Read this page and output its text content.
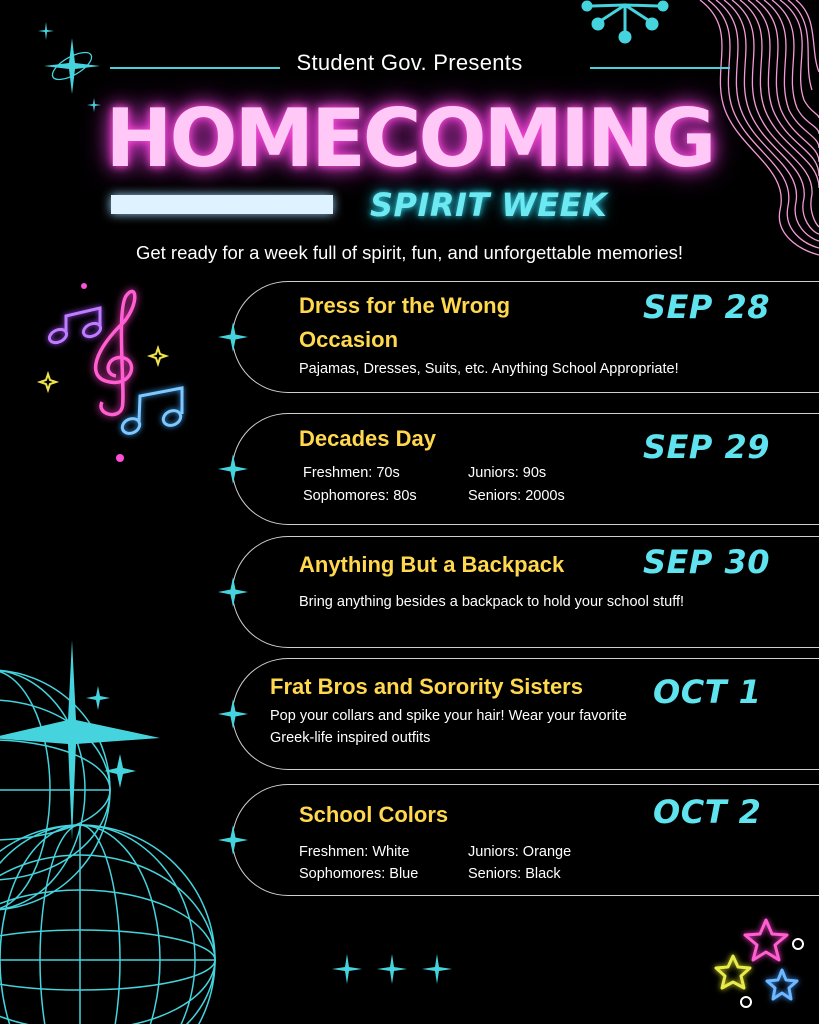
Student Gov. Presents
HOMECOMING
SPIRIT WEEK
Get ready for a week full of spirit, fun, and unforgettable memories!
Dress for the Wrong Occasion
SEP 28
Pajamas, Dresses, Suits, etc. Anything School Appropriate!
Decades Day	SEP 29
Freshmen: 70s
Sophomores: 80s
Juniors: 90s
Seniors: 2000s
Anything But a Backpack SEP 30
Bring anything besides a backpack to hold your school stuff!
Frat Bros and Sorority Sisters OCT 1
Pop your collars and spike your hair! Wear your favorite Greek-life inspired outfits
School Colors	OCT 2
Freshmen: White
Sophomores: Blue
Juniors: Orange
Seniors: Black
